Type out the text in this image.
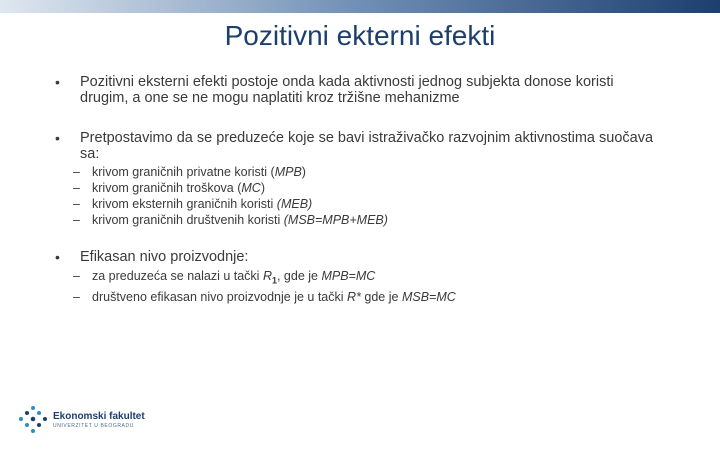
Pozitivni ekterni efekti
•	Pozitivni eksterni efekti postoje onda kada aktivnosti jednog subjekta donose koristi drugim, a one se ne mogu naplatiti kroz tržišne mehanizme
•	Pretpostavimo da se preduzeće koje se bavi istraživačko razvojnim aktivnostima suočava sa:
– krivom graničnih privatne koristi (MPB)
– krivom graničnih troškova (MC)
– krivom eksternih graničnih koristi (MEB)
– krivom graničnih društvenih koristi (MSB=MPB+MEB)
•	Efikasan nivo proizvodnje:
– za preduzeća se nalazi u tački $R_1$, gde je MPB=MC
– društveno efikasan nivo proizvodnje je u tački R* gde je MSB=MC
Ekonomski fakultet
UNIVERZITET U BEOGRADU
